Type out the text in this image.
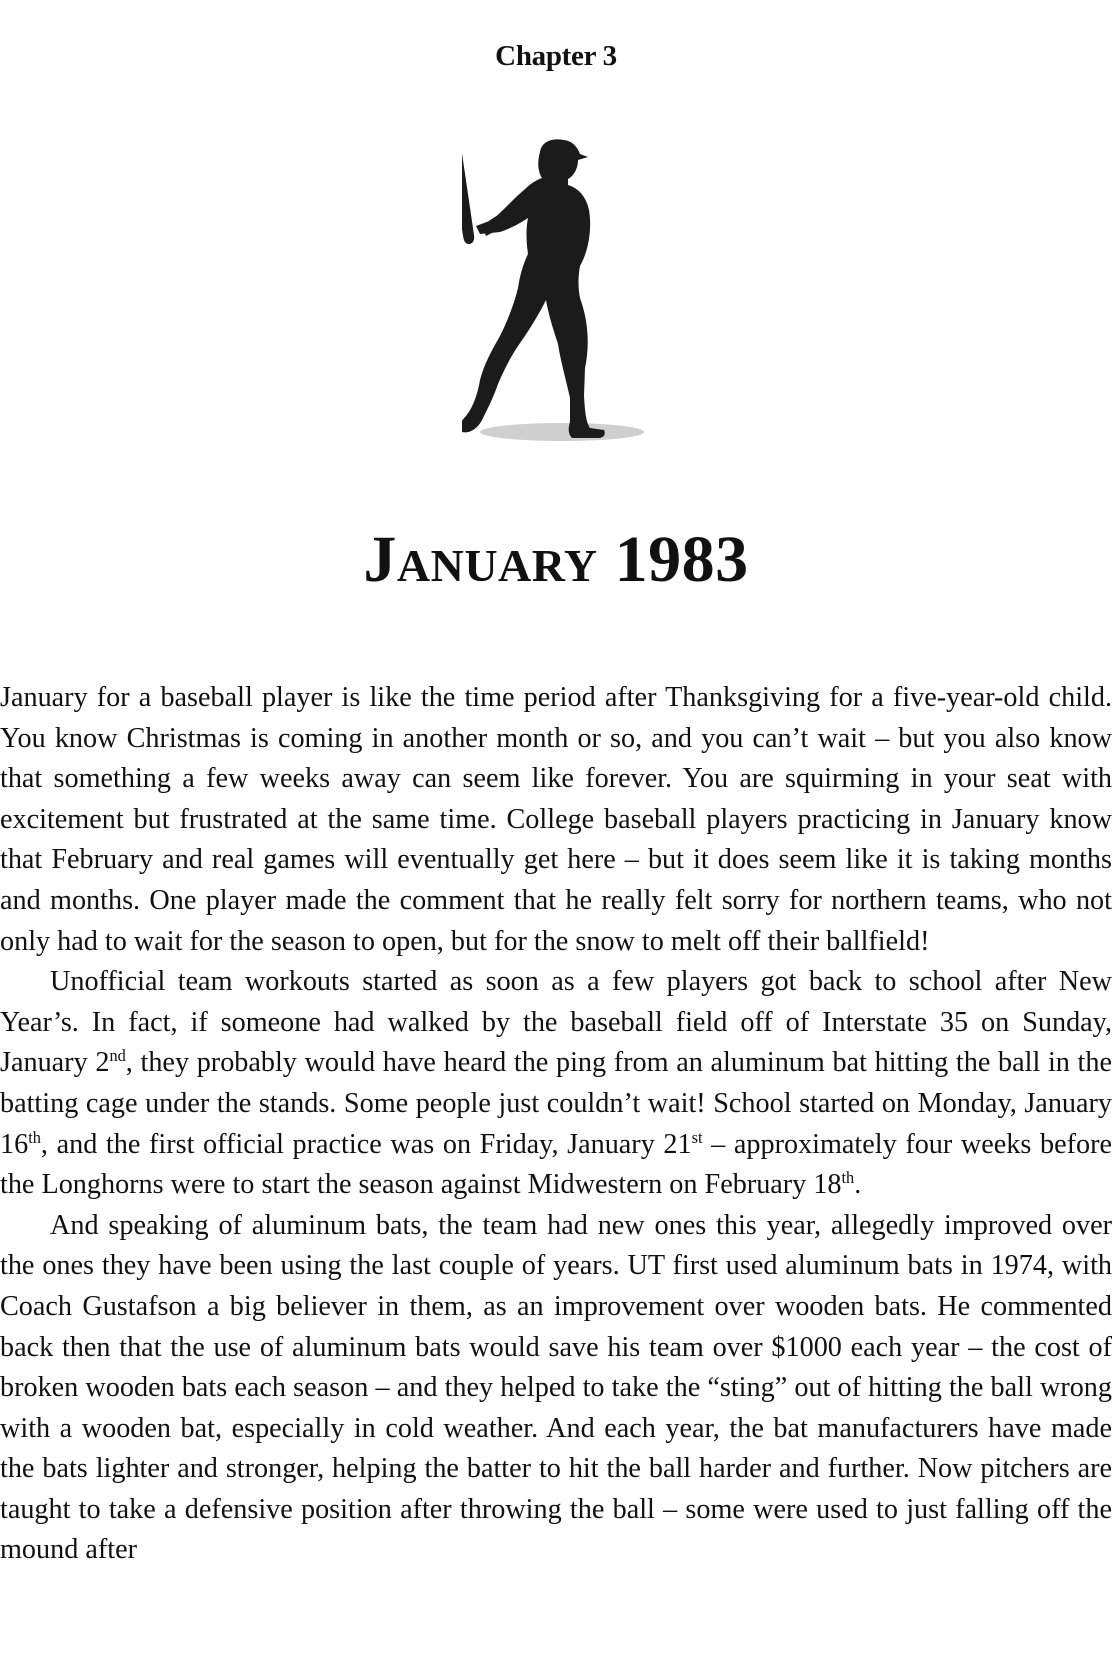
Chapter 3
January 1983

January for a baseball player is like the time period after Thanksgiving for a five-year-old child. You know Christmas is coming in another month or so, and you can’t wait – but you also know that something a few weeks away can seem like forever. You are squirming in your seat with excitement but frustrated at the same time. College baseball players practicing in January know that February and real games will eventually get here – but it does seem like it is taking months and months. One player made the comment that he really felt sorry for northern teams, who not only had to wait for the season to open, but for the snow to melt off their ballfield!

Unofficial team workouts started as soon as a few players got back to school after New Year’s. In fact, if someone had walked by the baseball field off of Interstate 35 on Sunday, January 2nd, they probably would have heard the ping from an aluminum bat hitting the ball in the batting cage under the stands. Some people just couldn’t wait! School started on Monday, January 16th, and the first official practice was on Friday, January 21st – approximately four weeks before the Longhorns were to start the season against Midwestern on February 18th.

And speaking of aluminum bats, the team had new ones this year, allegedly improved over the ones they have been using the last couple of years. UT first used aluminum bats in 1974, with Coach Gustafson a big believer in them, as an improvement over wooden bats. He commented back then that the use of aluminum bats would save his team over $1000 each year – the cost of broken wooden bats each season – and they helped to take the “sting” out of hitting the ball wrong with a wooden bat, especially in cold weather. And each year, the bat manufacturers have made the bats lighter and stronger, helping the batter to hit the ball harder and further. Now pitchers are taught to take a defensive position after throwing the ball – some were used to just falling off the mound after
